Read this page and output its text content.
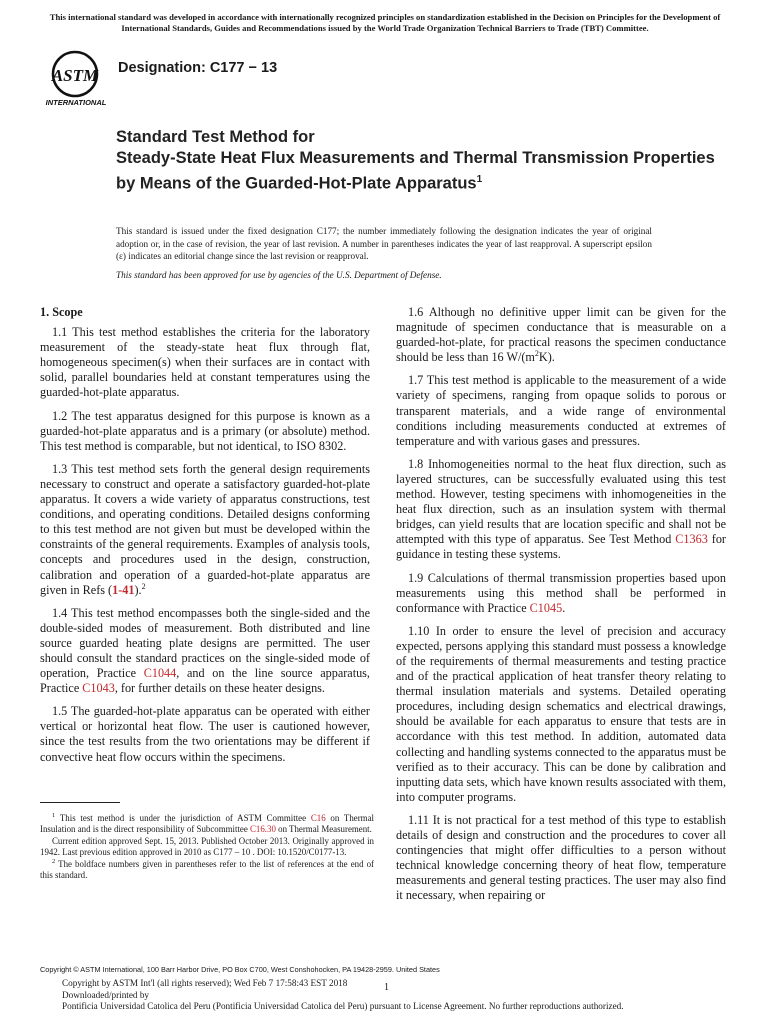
This international standard was developed in accordance with internationally recognized principles on standardization established in the Decision on Principles for the Development of International Standards, Guides and Recommendations issued by the World Trade Organization Technical Barriers to Trade (TBT) Committee.
ASTM
INTERNATIONAL
Designation: C177 − 13
Standard Test Method for
Steady-State Heat Flux Measurements and Thermal Transmission Properties by Means of the Guarded-Hot-Plate Apparatus$^1$

This standard is issued under the fixed designation C177; the number immediately following the designation indicates the year of original adoption or, in the case of revision, the year of last revision. A number in parentheses indicates the year of last reapproval. A superscript epsilon (ε) indicates an editorial change since the last revision or reapproval.

This standard has been approved for use by agencies of the U.S. Department of Defense.

1. Scope

1.1 This test method establishes the criteria for the laboratory measurement of the steady-state heat flux through flat, homogeneous specimen(s) when their surfaces are in contact with solid, parallel boundaries held at constant temperatures using the guarded-hot-plate apparatus.

1.2 The test apparatus designed for this purpose is known as a guarded-hot-plate apparatus and is a primary (or absolute) method. This test method is comparable, but not identical, to ISO 8302.

1.3 This test method sets forth the general design requirements necessary to construct and operate a satisfactory guarded-hot-plate apparatus. It covers a wide variety of apparatus constructions, test conditions, and operating conditions. Detailed designs conforming to this test method are not given but must be developed within the constraints of the general requirements. Examples of analysis tools, concepts and procedures used in the design, construction, calibration and operation of a guarded-hot-plate apparatus are given in Refs (1-41).$^2$

1.4 This test method encompasses both the single-sided and the double-sided modes of measurement. Both distributed and line source guarded heating plate designs are permitted. The user should consult the standard practices on the single-sided mode of operation, Practice C1044, and on the line source apparatus, Practice C1043, for further details on these heater designs.

1.5 The guarded-hot-plate apparatus can be operated with either vertical or horizontal heat flow. The user is cautioned however, since the test results from the two orientations may be different if convective heat flow occurs within the specimens.

1.6 Although no definitive upper limit can be given for the magnitude of specimen conductance that is measurable on a guarded-hot-plate, for practical reasons the specimen conductance should be less than 16 W/(m$^2$K).

1.7 This test method is applicable to the measurement of a wide variety of specimens, ranging from opaque solids to porous or transparent materials, and a wide range of environmental conditions including measurements conducted at extremes of temperature and with various gases and pressures.

1.8 Inhomogeneities normal to the heat flux direction, such as layered structures, can be successfully evaluated using this test method. However, testing specimens with inhomogeneities in the heat flux direction, such as an insulation system with thermal bridges, can yield results that are location specific and shall not be attempted with this type of apparatus. See Test Method C1363 for guidance in testing these systems.

1.9 Calculations of thermal transmission properties based upon measurements using this method shall be performed in conformance with Practice C1045.

1.10 In order to ensure the level of precision and accuracy expected, persons applying this standard must possess a knowledge of the requirements of thermal measurements and testing practice and of the practical application of heat transfer theory relating to thermal insulation materials and systems. Detailed operating procedures, including design schematics and electrical drawings, should be available for each apparatus to ensure that tests are in accordance with this test method. In addition, automated data collecting and handling systems connected to the apparatus must be verified as to their accuracy. This can be done by calibration and inputting data sets, which have known results associated with them, into computer programs.

1.11 It is not practical for a test method of this type to establish details of design and construction and the procedures to cover all contingencies that might offer difficulties to a person without technical knowledge concerning theory of heat flow, temperature measurements and general testing practices. The user may also find it necessary, when repairing or

$^1$ This test method is under the jurisdiction of ASTM Committee C16 on Thermal Insulation and is the direct responsibility of Subcommittee C16.30 on Thermal Measurement.

Current edition approved Sept. 15, 2013. Published October 2013. Originally approved in 1942. Last previous edition approved in 2010 as C177 – 10 . DOI: 10.1520/C0177-13.

$^2$ The boldface numbers given in parentheses refer to the list of references at the end of this standard.

Copyright © ASTM International, 100 Barr Harbor Drive, PO Box C700, West Conshohocken, PA 19428-2959. United States

Copyright by ASTM Int'l (all rights reserved); Wed Feb 7 17:58:43 EST 2018

Downloaded/printed by

Pontificia Universidad Catolica del Peru (Pontificia Universidad Catolica del Peru) pursuant to License Agreement. No further reproductions authorized.

1
